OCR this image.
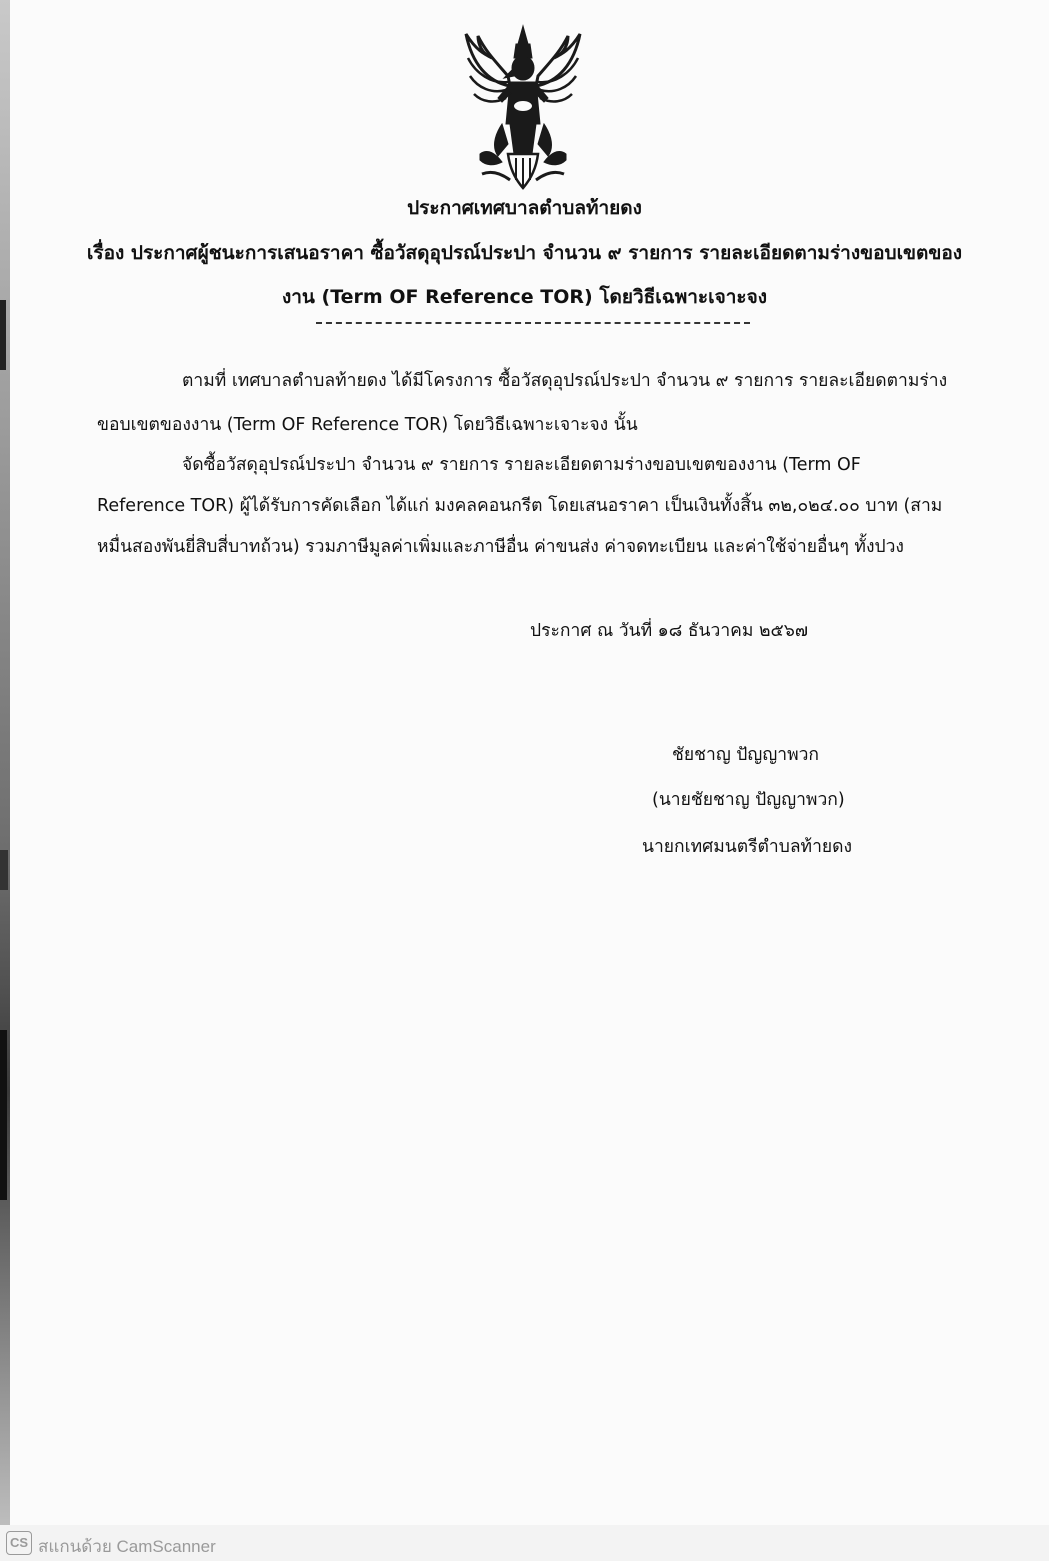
ประกาศเทศบาลตำบลท้ายดง
เรื่อง ประกาศผู้ชนะการเสนอราคา ซื้อวัสดุอุปรณ์ประปา จำนวน ๙ รายการ รายละเอียดตามร่างขอบเขตของ
งาน (Term OF Reference TOR) โดยวิธีเฉพาะเจาะจง
ตามที่ เทศบาลตำบลท้ายดง ได้มีโครงการ ซื้อวัสดุอุปรณ์ประปา จำนวน ๙ รายการ รายละเอียดตามร่าง
ขอบเขตของงาน (Term OF Reference TOR) โดยวิธีเฉพาะเจาะจง นั้น
จัดซื้อวัสดุอุปรณ์ประปา จำนวน ๙ รายการ รายละเอียดตามร่างขอบเขตของงาน (Term OF
Reference TOR) ผู้ได้รับการคัดเลือก ได้แก่ มงคลคอนกรีต โดยเสนอราคา เป็นเงินทั้งสิ้น ๓๒,๐๒๔.๐๐ บาท (สาม
หมื่นสองพันยี่สิบสี่บาทถ้วน) รวมภาษีมูลค่าเพิ่มและภาษีอื่น ค่าขนส่ง ค่าจดทะเบียน และค่าใช้จ่ายอื่นๆ ทั้งปวง
ประกาศ ณ วันที่ ๑๘ ธันวาคม ๒๕๖๗
ชัยชาญ ปัญญาพวก
(นายชัยชาญ ปัญญาพวก)
นายกเทศมนตรีตำบลท้ายดง
CS สแกนด้วย CamScanner
